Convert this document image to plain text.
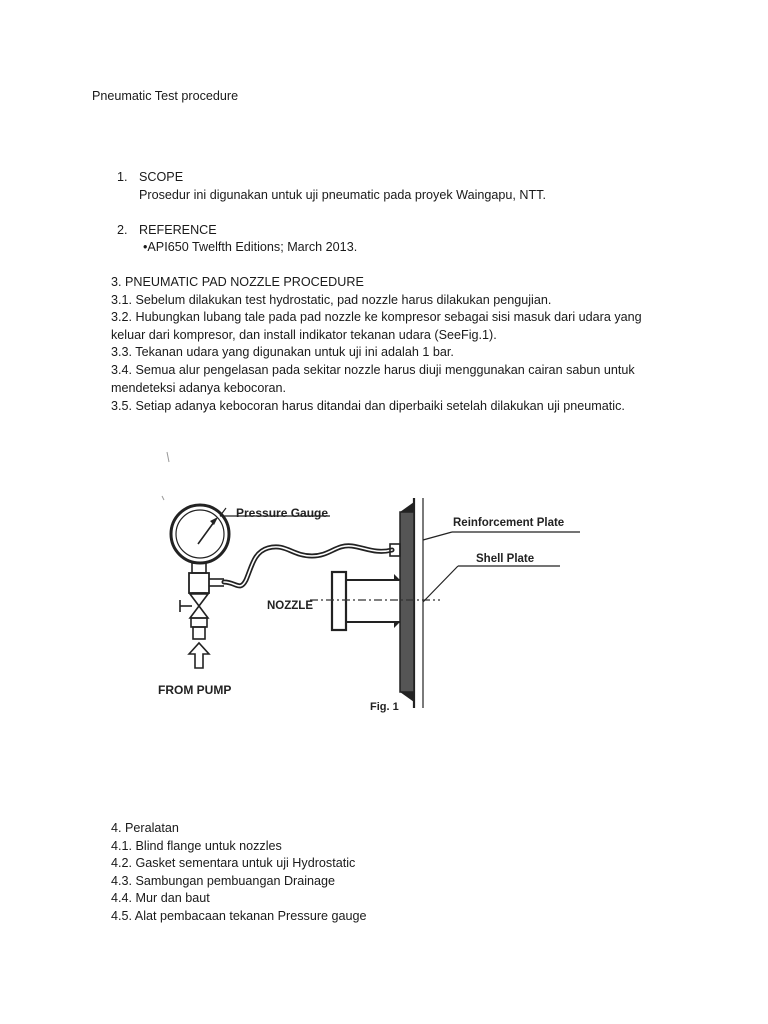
Pneumatic Test procedure
1. SCOPE
Prosedur ini digunakan untuk uji pneumatic pada proyek Waingapu, NTT.
2. REFERENCE
•API650 Twelfth Editions; March 2013.
3. PNEUMATIC PAD NOZZLE PROCEDURE
3.1. Sebelum dilakukan test hydrostatic, pad nozzle harus dilakukan pengujian.
3.2. Hubungkan lubang tale pada pad nozzle ke kompresor sebagai sisi masuk dari udara yang keluar dari kompresor, dan install indikator tekanan udara (SeeFig.1).
3.3. Tekanan udara yang digunakan untuk uji ini adalah 1 bar.
3.4. Semua alur pengelasan pada sekitar nozzle harus diuji menggunakan cairan sabun untuk mendeteksi adanya kebocoran.
3.5. Setiap adanya kebocoran harus ditandai dan diperbaiki setelah dilakukan uji pneumatic.
Pressure Gauge
Reinforcement Plate
Shell Plate
NOZZLE
FROM PUMP
Fig. 1
4. Peralatan
4.1. Blind flange untuk nozzles
4.2. Gasket sementara untuk uji Hydrostatic
4.3. Sambungan pembuangan Drainage
4.4. Mur dan baut
4.5. Alat pembacaan tekanan Pressure gauge
